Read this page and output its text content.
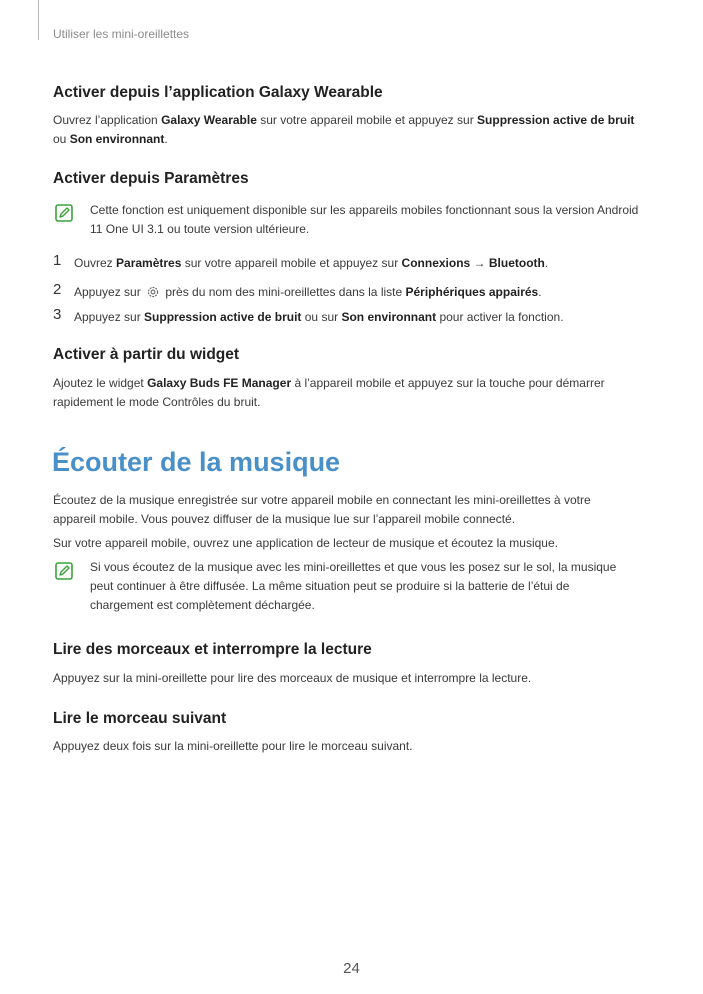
Utiliser les mini-oreillettes
Activer depuis l’application Galaxy Wearable

Ouvrez l’application Galaxy Wearable sur votre appareil mobile et appuyez sur Suppression active de bruit
ou Son environnant.

Activer depuis Paramètres
Cette fonction est uniquement disponible sur les appareils mobiles fonctionnant sous la version Android 11 One UI 3.1 ou toute version ultérieure.
1 Ouvrez Paramètres sur votre appareil mobile et appuyez sur Connexions → Bluetooth.
2 Appuyez sur  près du nom des mini-oreillettes dans la liste Périphériques appairés.
3 Appuyez sur Suppression active de bruit ou sur Son environnant pour activer la fonction.
Activer à partir du widget

Ajoutez le widget Galaxy Buds FE Manager à l’appareil mobile et appuyez sur la touche pour démarrer rapidement le mode Contrôles du bruit.

Écouter de la musique

Écoutez de la musique enregistrée sur votre appareil mobile en connectant les mini-oreillettes à votre appareil mobile. Vous pouvez diffuser de la musique lue sur l’appareil mobile connecté.

Sur votre appareil mobile, ouvrez une application de lecteur de musique et écoutez la musique.

Si vous écoutez de la musique avec les mini-oreillettes et que vous les posez sur le sol, la musique peut continuer à être diffusée. La même situation peut se produire si la batterie de l’étui de chargement est complètement déchargée.
Lire des morceaux et interrompre la lecture

Appuyez sur la mini-oreillette pour lire des morceaux de musique et interrompre la lecture.

Lire le morceau suivant

Appuyez deux fois sur la mini-oreillette pour lire le morceau suivant.

24
